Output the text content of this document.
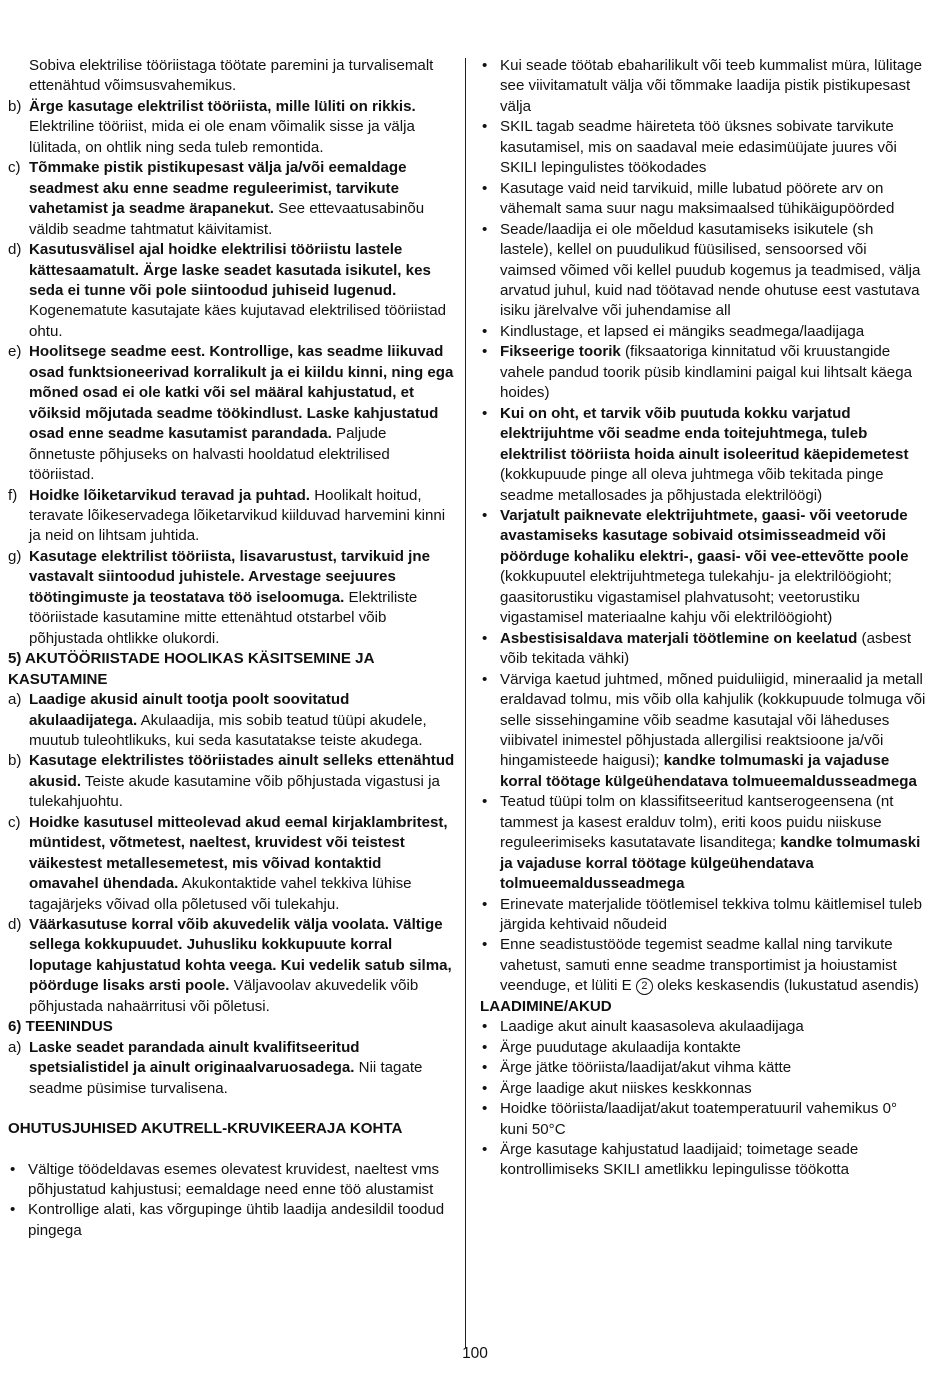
Sobiva elektrilise tööriistaga töötate paremini ja turvalisemalt ettenähtud võimsusvahemikus.
b) Ärge kasutage elektrilist tööriista, mille lüliti on rikkis. Elektriline tööriist, mida ei ole enam võimalik sisse ja välja lülitada, on ohtlik ning seda tuleb remontida.
c) Tõmmake pistik pistikupesast välja ja/või eemaldage seadmest aku enne seadme reguleerimist, tarvikute vahetamist ja seadme ärapanekut. See ettevaatusabinõu väldib seadme tahtmatut käivitamist.
d) Kasutusvälisel ajal hoidke elektrilisi tööriistu lastele kättesaamatult. Ärge laske seadet kasutada isikutel, kes seda ei tunne või pole siintoodud juhiseid lugenud. Kogenematute kasutajate käes kujutavad elektrilised tööriistad ohtu.
e) Hoolitsege seadme eest. Kontrollige, kas seadme liikuvad osad funktsioneerivad korralikult ja ei kiildu kinni, ning ega mõned osad ei ole katki või sel määral kahjustatud, et võiksid mõjutada seadme töökindlust. Laske kahjustatud osad enne seadme kasutamist parandada. Paljude õnnetuste põhjuseks on halvasti hooldatud elektrilised tööriistad.
f) Hoidke lõiketarvikud teravad ja puhtad. Hoolikalt hoitud, teravate lõikeservadega lõiketarvikud kiilduvad harvemini kinni ja neid on lihtsam juhtida.
g) Kasutage elektrilist tööriista, lisavarustust, tarvikuid jne vastavalt siintoodud juhistele. Arvestage seejuures töötingimuste ja teostatava töö iseloomuga. Elektriliste tööriistade kasutamine mitte ettenähtud otstarbel võib põhjustada ohtlikke olukordi.
5) AKUTÖÖRIISTADE HOOLIKAS KÄSITSEMINE JA KASUTAMINE
a) Laadige akusid ainult tootja poolt soovitatud akulaadijatega. Akulaadija, mis sobib teatud tüüpi akudele, muutub tuleohtlikuks, kui seda kasutatakse teiste akudega.
b) Kasutage elektrilistes tööriistades ainult selleks ettenähtud akusid. Teiste akude kasutamine võib põhjustada vigastusi ja tulekahjuohtu.
c) Hoidke kasutusel mitteolevad akud eemal kirjaklambritest, müntidest, võtmetest, naeltest, kruvidest või teistest väikestest metallesemetest, mis võivad kontaktid omavahel ühendada. Akukontaktide vahel tekkiva lühise tagajärjeks võivad olla põletused või tulekahju.
d) Väärkasutuse korral võib akuvedelik välja voolata. Vältige sellega kokkupuudet. Juhusliku kokkupuute korral loputage kahjustatud kohta veega. Kui vedelik satub silma, pöörduge lisaks arsti poole. Väljavoolav akuvedelik võib põhjustada nahaärritusi või põletusi.
6) TEENINDUS
a) Laske seadet parandada ainult kvalifitseeritud spetsialistidel ja ainult originaalvaruosadega. Nii tagate seadme püsimise turvalisena.
OHUTUSJUHISED AKUTRELL-KRUVIKEERAJA KOHTA
• Vältige töödeldavas esemes olevatest kruvidest, naeltest vms põhjustatud kahjustusi; eemaldage need enne töö alustamist
• Kontrollige alati, kas võrgupinge ühtib laadija andesildil toodud pingega
• Kui seade töötab ebaharilikult või teeb kummalist müra, lülitage see viivitamatult välja või tõmmake laadija pistik pistikupesast välja
• SKIL tagab seadme häireteta töö üksnes sobivate tarvikute kasutamisel, mis on saadaval meie edasimüüjate juures või SKILI lepingulistes töökodades
• Kasutage vaid neid tarvikuid, mille lubatud pöörete arv on vähemalt sama suur nagu maksimaalsed tühikäigupöörded
• Seade/laadija ei ole mõeldud kasutamiseks isikutele (sh lastele), kellel on puudulikud füüsilised, sensoorsed või vaimsed võimed või kellel puudub kogemus ja teadmised, välja arvatud juhul, kuid nad töötavad nende ohutuse eest vastutava isiku järelvalve või juhendamise all
• Kindlustage, et lapsed ei mängiks seadmega/laadijaga
• Fikseerige toorik (fiksaatoriga kinnitatud või kruustangide vahele pandud toorik püsib kindlamini paigal kui lihtsalt käega hoides)
• Kui on oht, et tarvik võib puutuda kokku varjatud elektrijuhtme või seadme enda toitejuhtmega, tuleb elektrilist tööriista hoida ainult isoleeritud käepidemetest (kokkupuude pinge all oleva juhtmega võib tekitada pinge seadme metallosades ja põhjustada elektrilöögi)
• Varjatult paiknevate elektrijuhtmete, gaasi- või veetorude avastamiseks kasutage sobivaid otsimisseadmeid või pöörduge kohaliku elektri-, gaasi- või vee-ettevõtte poole (kokkupuutel elektrijuhtmetega tulekahju- ja elektrilöögioht; gaasitorustiku vigastamisel plahvatusoht; veetorustiku vigastamisel materiaalne kahju või elektrilöögioht)
• Asbestisisaldava materjali töötlemine on keelatud (asbest võib tekitada vähki)
• Värviga kaetud juhtmed, mõned puiduliigid, mineraalid ja metall eraldavad tolmu, mis võib olla kahjulik (kokkupuude tolmuga või selle sissehingamine võib seadme kasutajal või läheduses viibivatel inimestel põhjustada allergilisi reaktsioone ja/või hingamisteede haigusi); kandke tolmumaski ja vajaduse korral töötage külgeühendatava tolmueemaldusseadmega
• Teatud tüüpi tolm on klassifitseeritud kantserogeensena (nt tammest ja kasest eralduv tolm), eriti koos puidu niiskuse reguleerimiseks kasutatavate lisanditega; kandke tolmumaski ja vajaduse korral töötage külgeühendatava tolmueemaldusseadmega
• Erinevate materjalide töötlemisel tekkiva tolmu käitlemisel tuleb järgida kehtivaid nõudeid
• Enne seadistustööde tegemist seadme kallal ning tarvikute vahetust, samuti enne seadme transportimist ja hoiustamist veenduge, et lüliti E 2 oleks keskasendis (lukustatud asendis)
LAADIMINE/AKUD
• Laadige akut ainult kaasasoleva akulaadijaga
• Ärge puudutage akulaadija kontakte
• Ärge jätke tööriista/laadijat/akut vihma kätte
• Ärge laadige akut niiskes keskkonnas
• Hoidke tööriista/laadijat/akut toatemperatuuril vahemikus 0° kuni 50°C
• Ärge kasutage kahjustatud laadijaid; toimetage seade kontrollimiseks SKILI ametlikku lepingulisse töökotta
100
